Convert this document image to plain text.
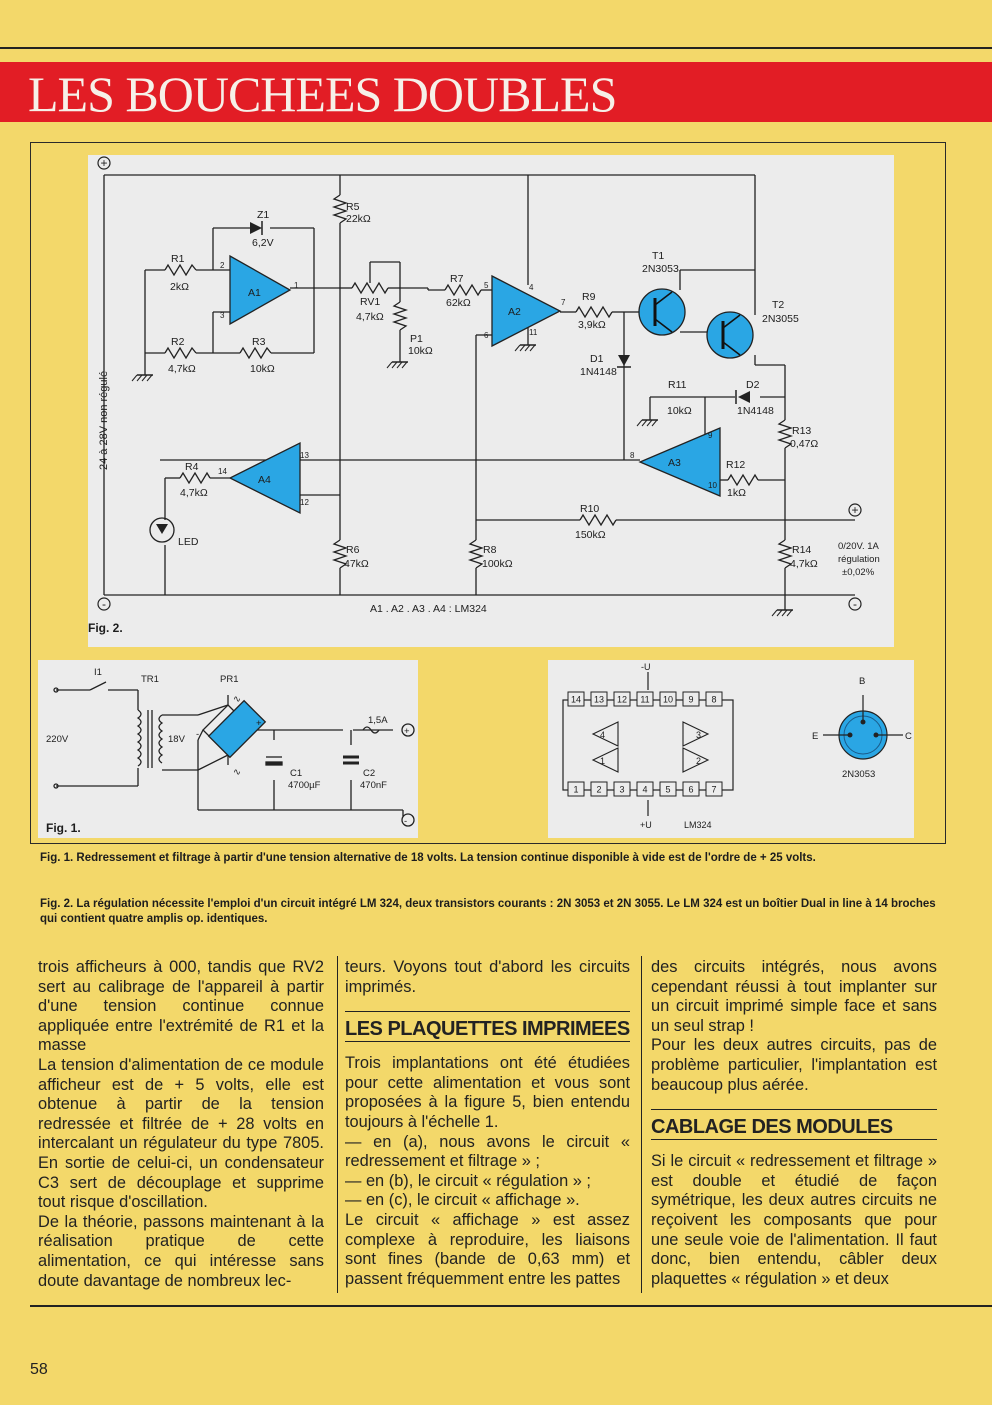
LES BOUCHEES DOUBLES
+
-
+
-
Z1
6,2V
R1
2kΩ
R2
4,7kΩ
R3
10kΩ
R5
22kΩ
A1
A2
A3
A4
RV1
4,7kΩ
P1
10kΩ
R7
62kΩ	R9
3,9kΩ
T1
2N3053
T2
2N3055
D1
1N4148
R11
10kΩ
D2
1N4148
R13
0,47Ω
R12
1kΩ
R4
4,7kΩ
R10
150kΩ
R6
47kΩ
R8
100kΩ
R14
4,7kΩ
LED	0/20V. 1A
régulation
±0,02%
A1 . A2 . A3 . A4 : LM324
1
2
3
4
5
6
7
8
9
10
11
12
13
14
24 à 28V non régulé
Fig. 2.
I1
TR1	PR1
220V	18V
C1
4700µF
C2
470nF
1,5A
+
-
+
-
∿
∿
Fig. 1.
14 13 12 11 10 9 8
1 2 3 4 5 6 7
4	3
1	2
-U
+U	LM324
B
E	C
2N3053
Fig. 1. Redressement et filtrage à partir d'une tension alternative de 18 volts. La tension continue disponible à vide est de l'ordre de + 25 volts.
Fig. 2. La régulation nécessite l'emploi d'un circuit intégré LM 324, deux transistors courants : 2N 3053 et 2N 3055. Le LM 324 est un boîtier Dual in line à 14 broches qui contient quatre amplis op. identiques.

trois afficheurs à 000, tandis que RV2 sert au calibrage de l'appareil à partir d'une tension continue connue appliquée entre l'extrémité de R1 et la masse

La tension d'alimentation de ce module afficheur est de + 5 volts, elle est obtenue à partir de la tension redressée et filtrée de + 28 volts en intercalant un régulateur du type 7805. En sortie de celui-ci, un condensateur C3 sert de découplage et supprime tout risque d'oscillation.

De la théorie, passons maintenant à la réalisation pratique de cette alimentation, ce qui intéresse sans doute davantage de nombreux lec-

teurs. Voyons tout d'abord les circuits imprimés.

LES PLAQUETTES IMPRIMEES

Trois implantations ont été étudiées pour cette alimentation et vous sont proposées à la figure 5, bien entendu toujours à l'échelle 1.

— en (a), nous avons le circuit « redressement et filtrage » ;

— en (b), le circuit « régulation » ;

— en (c), le circuit « affichage ».

Le circuit « affichage » est assez complexe à reproduire, les liaisons sont fines (bande de 0,63 mm) et passent fréquemment entre les pattes

des circuits intégrés, nous avons cependant réussi à tout implanter sur un circuit imprimé simple face et sans un seul strap !

Pour les deux autres circuits, pas de problème particulier, l'implantation est beaucoup plus aérée.

CABLAGE DES MODULES

Si le circuit « redressement et filtrage » est double et étudié de façon symétrique, les deux autres circuits ne reçoivent les composants que pour une seule voie de l'alimentation. Il faut donc, bien entendu, câbler deux plaquettes « régulation » et deux

58
